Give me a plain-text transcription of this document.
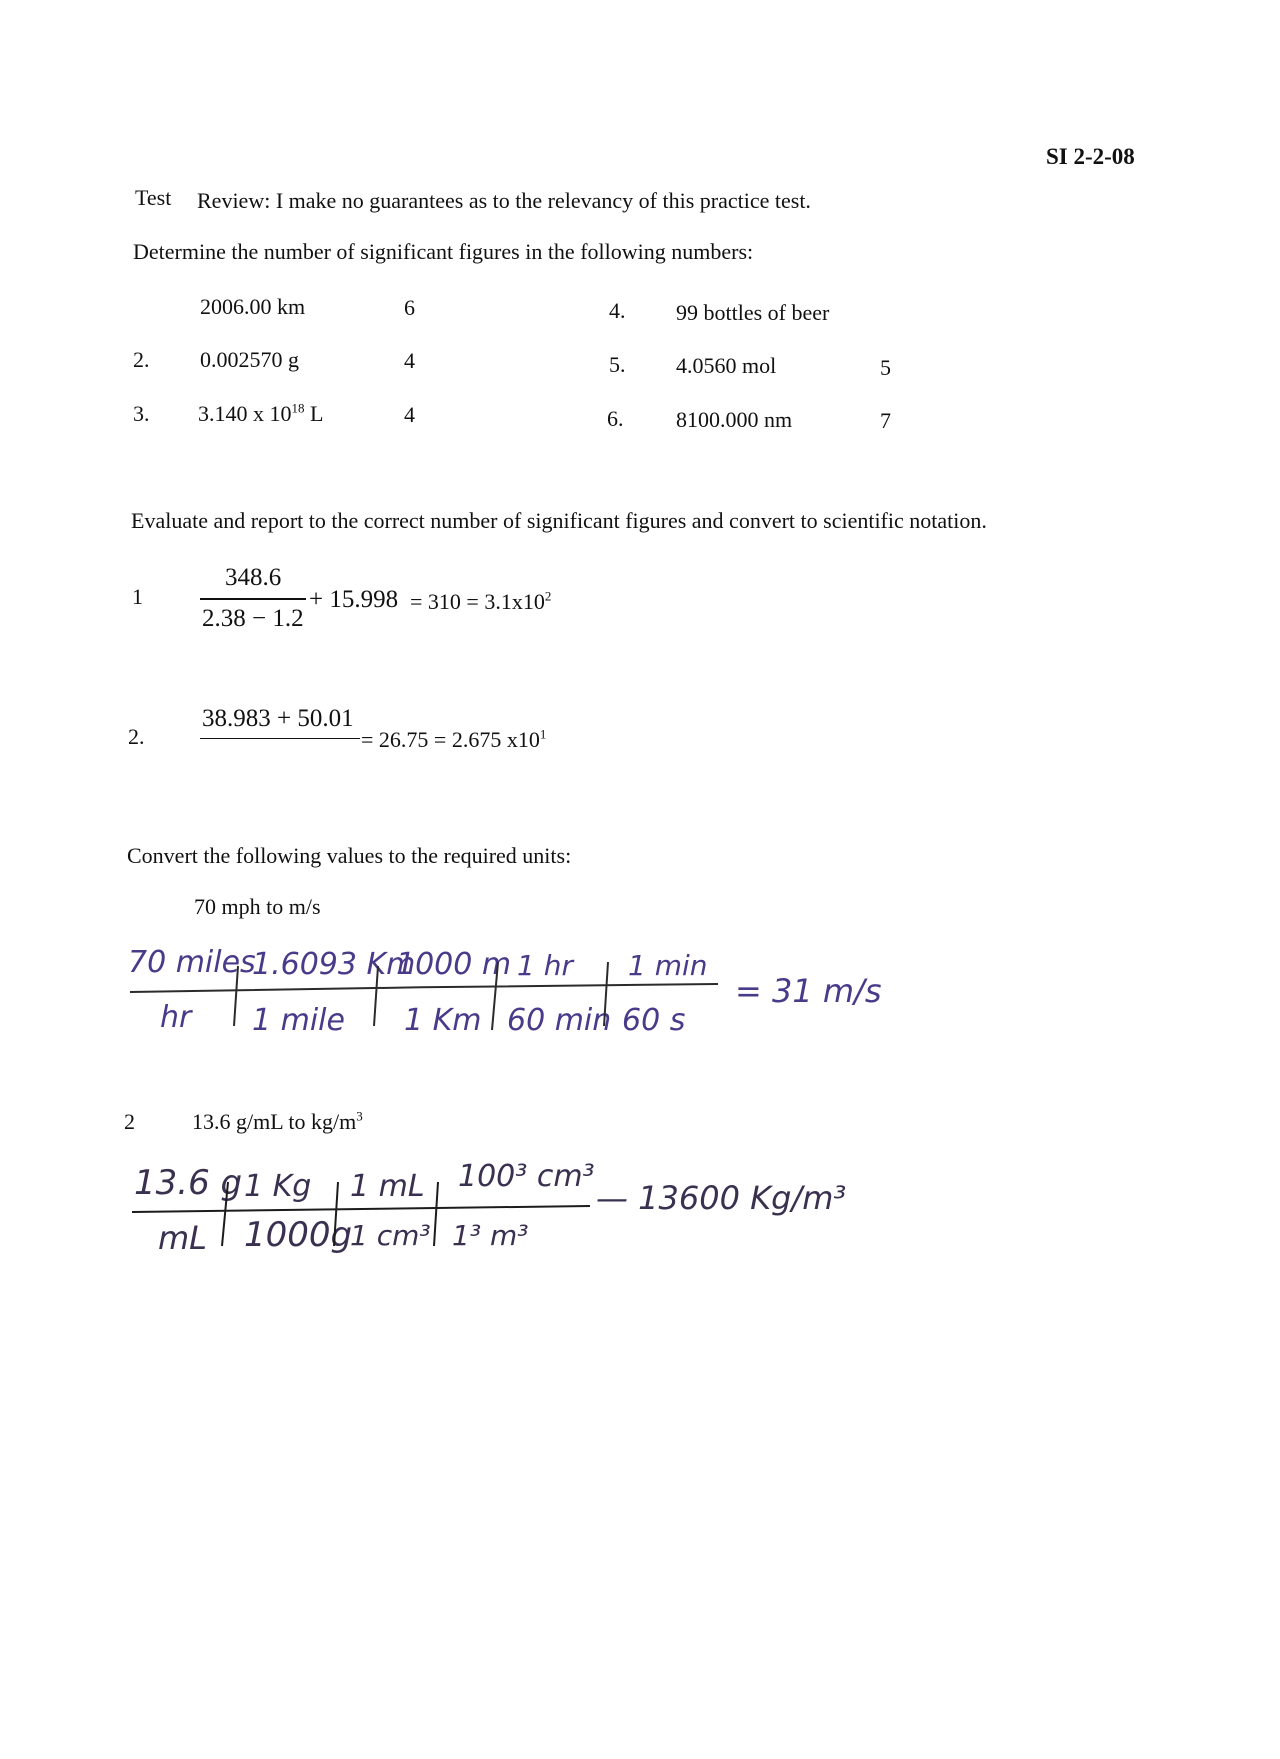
SI 2-2-08
Test Review: I make no guarantees as to the relevancy of this practice test.
Determine the number of significant figures in the following numbers:
2006.00 km	6
2. 0.002570 g	4
3. 3.140 x $10^{18}$ L	4
4. 99 bottles of beer
5. 4.0560 mol	5
6. 8100.000 nm	7
Evaluate and report to the correct number of significant figures and convert to scientific notation.
1
348.6
2.38 − 1.2
+ $15.998 = 310 = 3.1x10^2$
2.
38.983 + 50.01
= 26.75 = 2.675 $x10^1$
Convert the following values to the required units:
70 mph to m/s
70 miles
1.6093 Km
1000 m 1 hr 1 min
hr 1 mile 1 Km 60 min 60 s
= 31 m/s
2	13.6 g/mL to $kg/m^3$
13.6 g 1 Kg 1 mL 100³ cm³
mL 1000g
1 cm³ 1³ m³
— 13600 Kg/m³
